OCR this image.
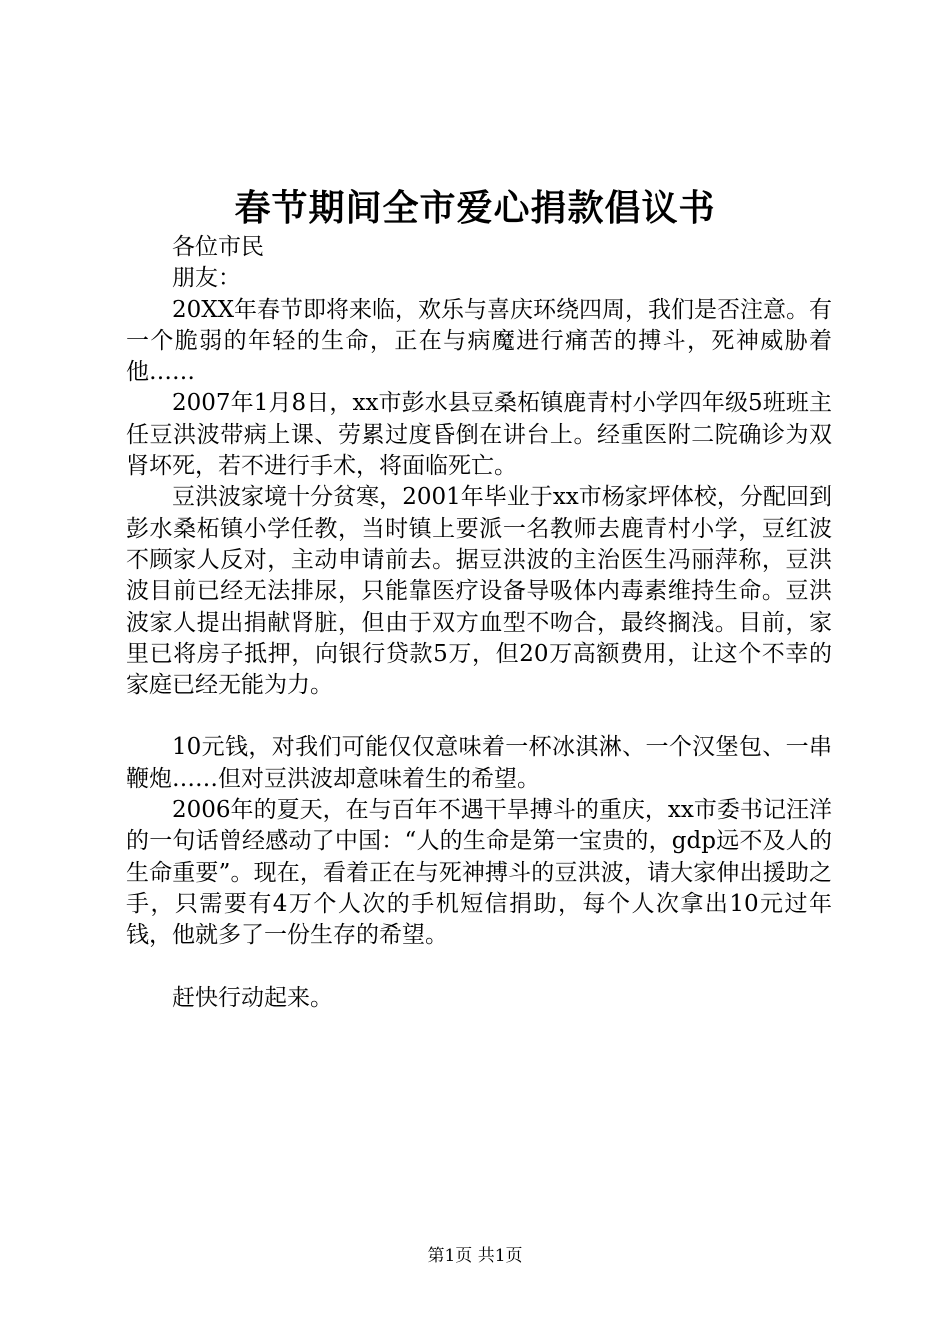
春节期间全市爱心捐款倡议书

各位市民

朋友：

20XX年春节即将来临，欢乐与喜庆环绕四周，我们是否注意。有一个脆弱的年轻的生命，正在与病魔进行痛苦的搏斗，死神威胁着他……

2007年1月8日，xx市彭水县豆桑柘镇鹿青村小学四年级5班班主任豆洪波带病上课、劳累过度昏倒在讲台上。经重医附二院确诊为双肾坏死，若不进行手术，将面临死亡。

豆洪波家境十分贫寒，2001年毕业于xx市杨家坪体校，分配回到彭水桑柘镇小学任教，当时镇上要派一名教师去鹿青村小学，豆红波不顾家人反对，主动申请前去。据豆洪波的主治医生冯丽萍称，豆洪波目前已经无法排尿，只能靠医疗设备导吸体内毒素维持生命。豆洪波家人提出捐献肾脏，但由于双方血型不吻合，最终搁浅。目前，家里已将房子抵押，向银行贷款5万，但20万高额费用，让这个不幸的家庭已经无能为力。

10元钱，对我们可能仅仅意味着一杯冰淇淋、一个汉堡包、一串鞭炮……但对豆洪波却意味着生的希望。

2006年的夏天，在与百年不遇干旱搏斗的重庆，xx市委书记汪洋的一句话曾经感动了中国：“人的生命是第一宝贵的，gdp远不及人的生命重要”。现在，看着正在与死神搏斗的豆洪波，请大家伸出援助之手，只需要有4万个人次的手机短信捐助，每个人次拿出10元过年钱，他就多了一份生存的希望。

赶快行动起来。

第1页 共1页
